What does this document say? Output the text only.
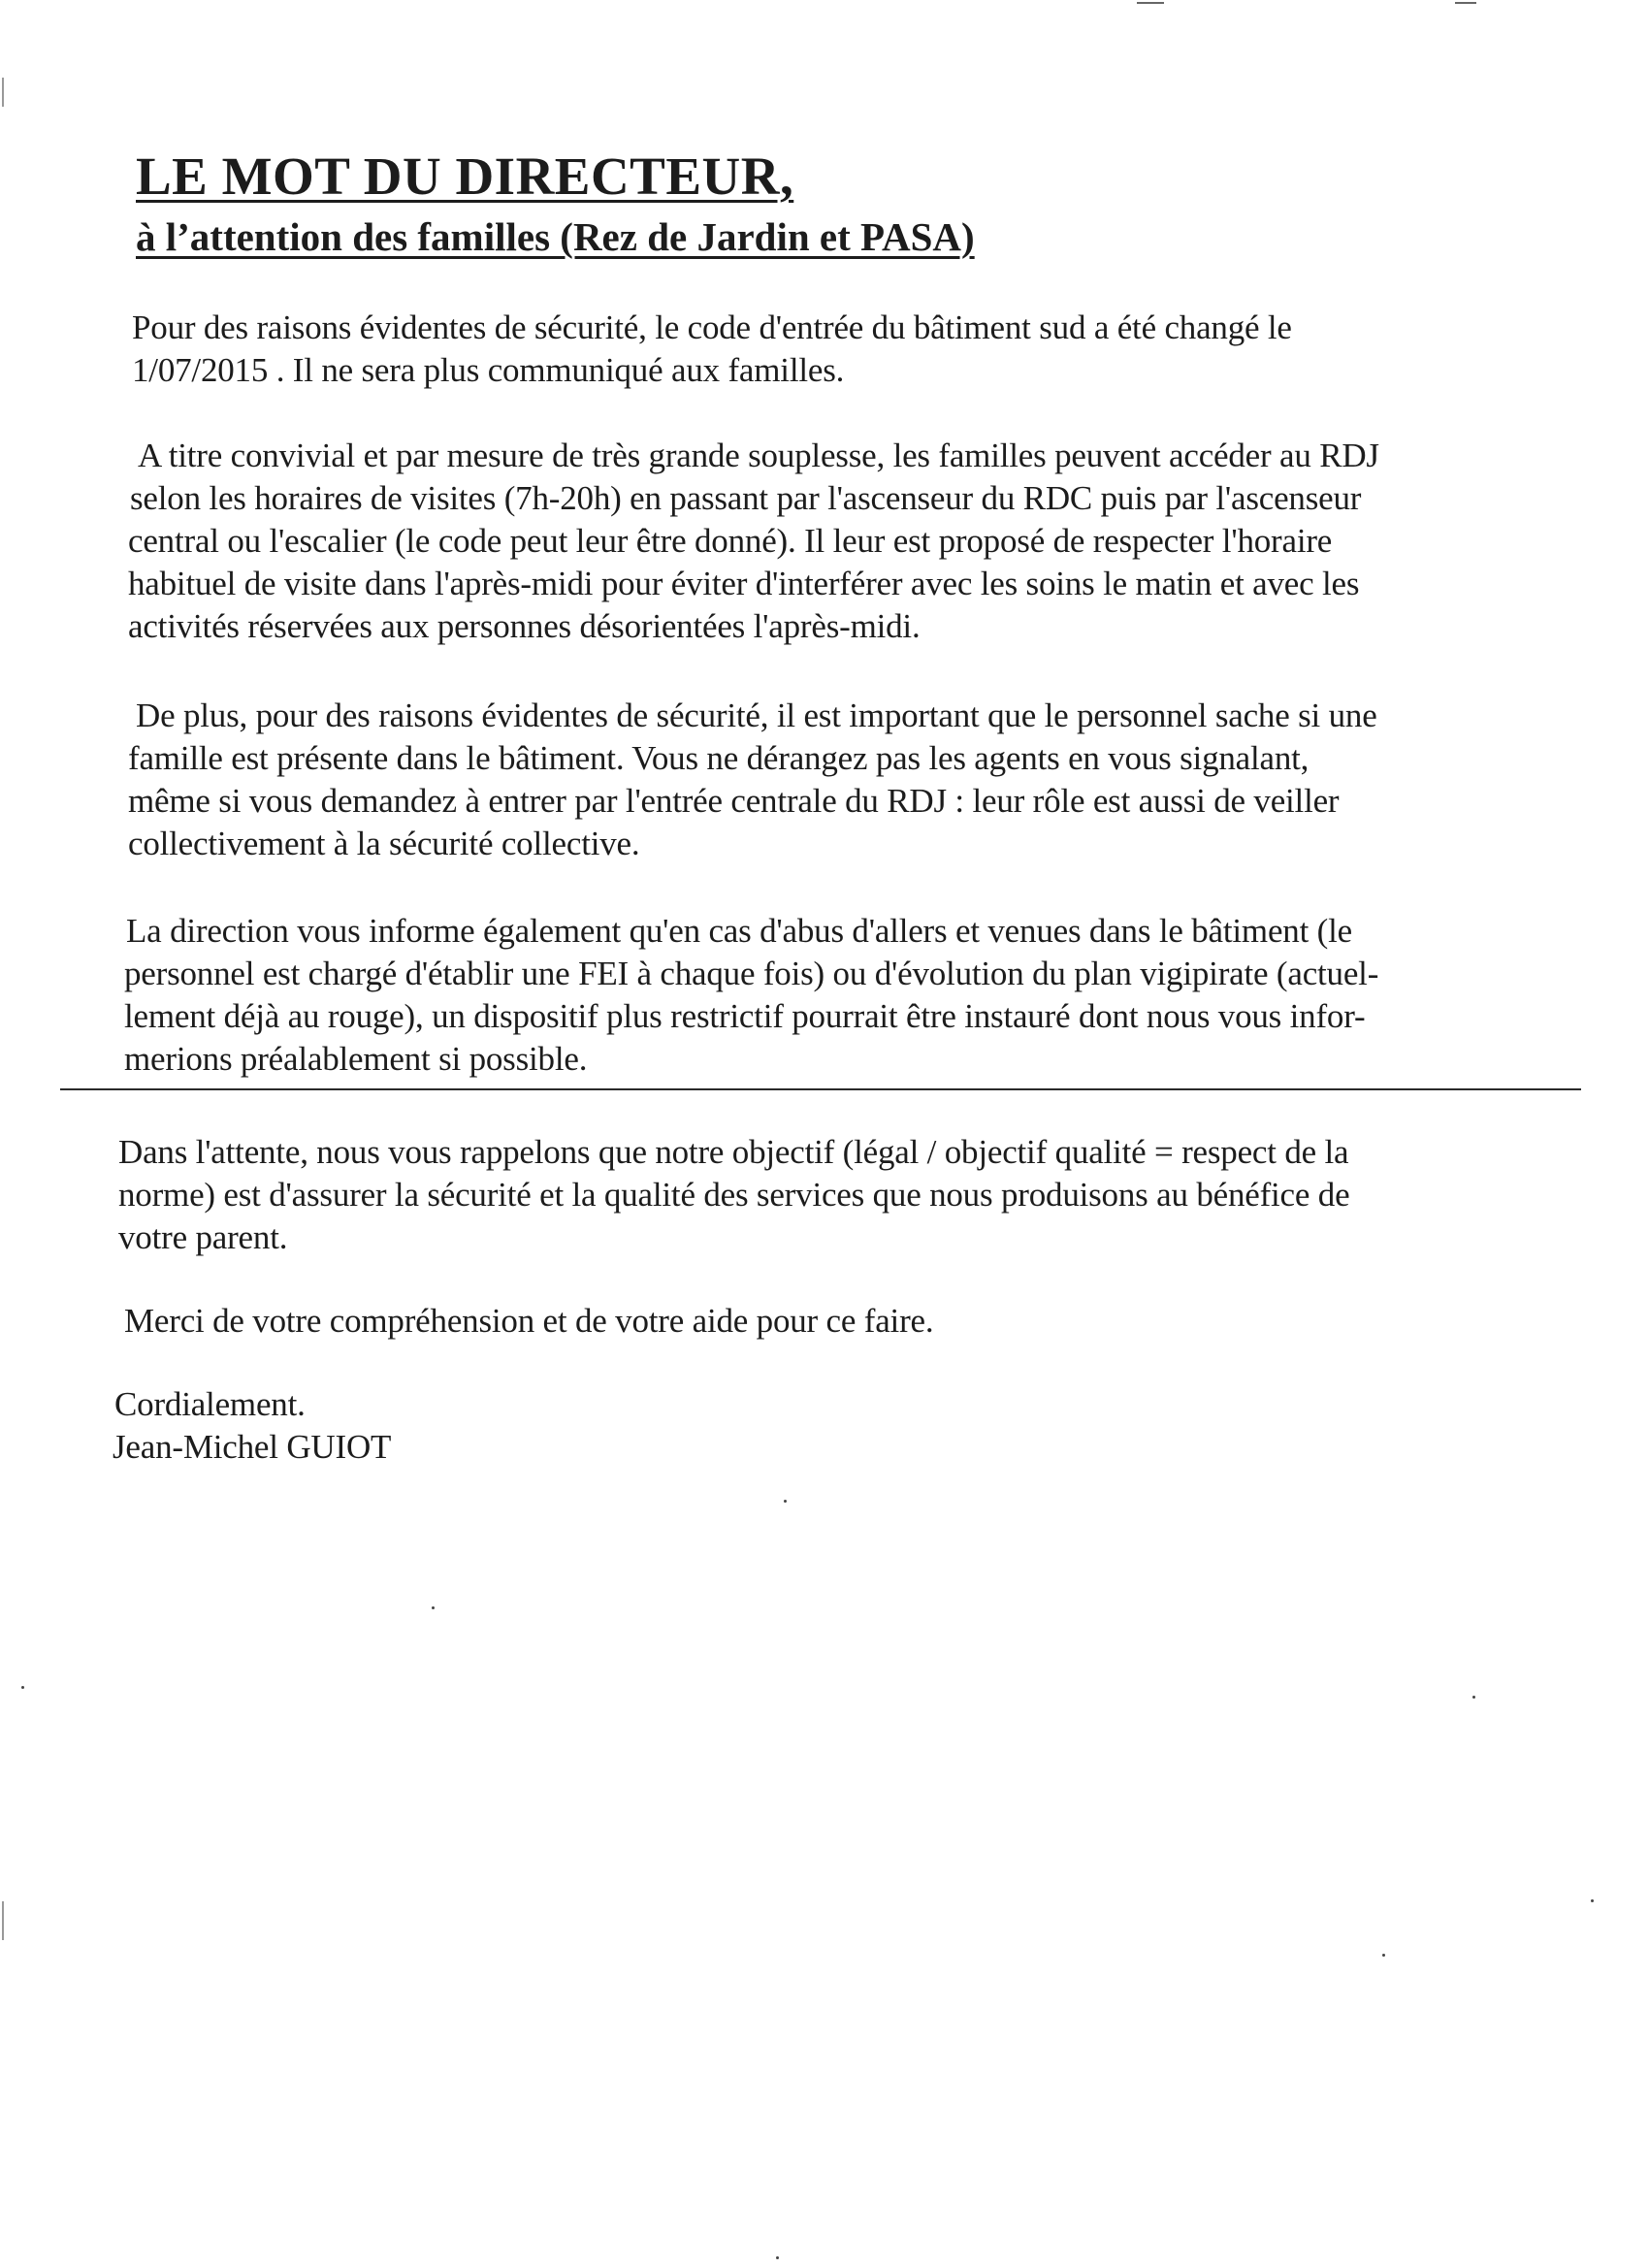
LE MOT DU DIRECTEUR,
à l’attention des familles (Rez de Jardin et PASA)
Pour des raisons évidentes de sécurité, le code d'entrée du bâtiment sud a été changé le
1/07/2015 . Il ne sera plus communiqué aux familles.
A titre convivial et par mesure de très grande souplesse, les familles peuvent accéder au RDJ
selon les horaires de visites (7h-20h) en passant par l'ascenseur du RDC puis par l'ascenseur
central ou l'escalier (le code peut leur être donné). Il leur est proposé de respecter l'horaire
habituel de visite dans l'après-midi pour éviter d'interférer avec les soins le matin et avec les
activités réservées aux personnes désorientées l'après-midi.
De plus, pour des raisons évidentes de sécurité, il est important que le personnel sache si une
famille est présente dans le bâtiment. Vous ne dérangez pas les agents en vous signalant,
même si vous demandez à entrer par l'entrée centrale du RDJ : leur rôle est aussi de veiller
collectivement à la sécurité collective.
La direction vous informe également qu'en cas d'abus d'allers et venues dans le bâtiment (le
personnel est chargé d'établir une FEI à chaque fois) ou d'évolution du plan vigipirate (actuel-
lement déjà au rouge), un dispositif plus restrictif pourrait être instauré dont nous vous infor-
merions préalablement si possible.
Dans l'attente, nous vous rappelons que notre objectif (légal / objectif qualité = respect de la
norme) est d'assurer la sécurité et la qualité des services que nous produisons au bénéfice de
votre parent.
Merci de votre compréhension et de votre aide pour ce faire.
Cordialement.
Jean-Michel GUIOT
